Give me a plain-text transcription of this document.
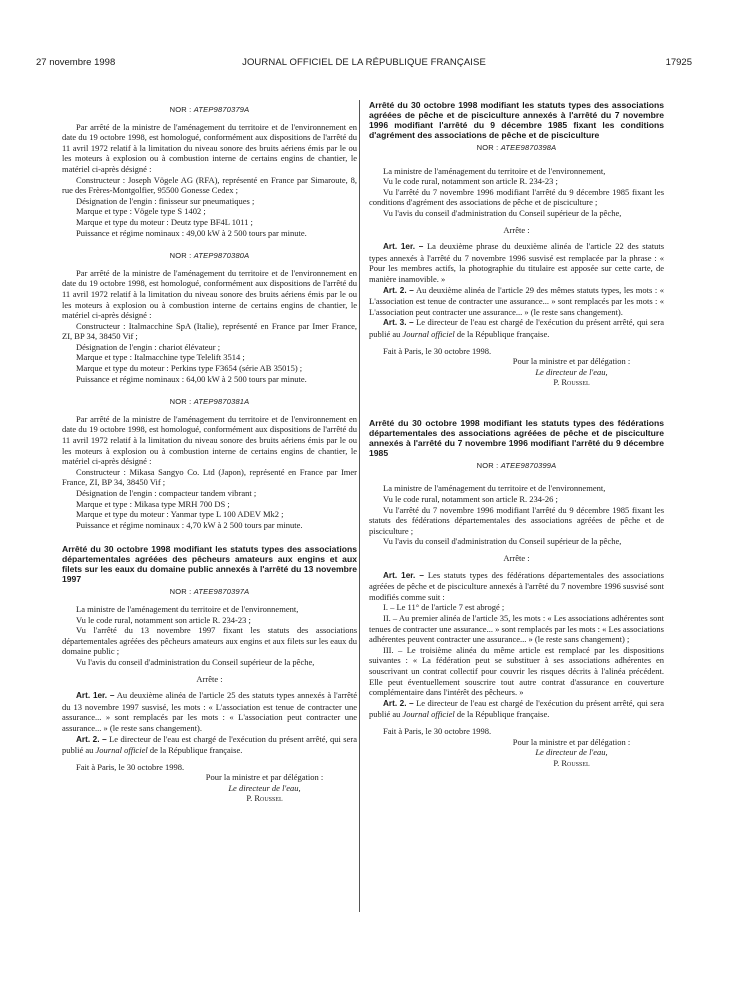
27 novembre 1998	JOURNAL OFFICIEL DE LA RÉPUBLIQUE FRANÇAISE	17925
NOR : ATEP9870379A

Par arrêté de la ministre de l'aménagement du territoire et de l'environnement en date du 19 octobre 1998, est homologué, conformément aux dispositions de l'arrêté du 11 avril 1972 relatif à la limitation du niveau sonore des bruits aériens émis par le ou les moteurs à explosion ou à combustion interne de certains engins de chantier, le matériel ci-après désigné :

Constructeur : Joseph Vögele AG (RFA), représenté en France par Simaroute, 8, rue des Frères-Montgolfier, 95500 Gonesse Cedex ;

Désignation de l'engin : finisseur sur pneumatiques ;

Marque et type : Vögele type S 1402 ;

Marque et type du moteur : Deutz type BF4L 1011 ;

Puissance et régime nominaux : 49,00 kW à 2 500 tours par minute.

NOR : ATEP9870380A

Par arrêté de la ministre de l'aménagement du territoire et de l'environnement en date du 19 octobre 1998, est homologué, conformément aux dispositions de l'arrêté du 11 avril 1972 relatif à la limitation du niveau sonore des bruits aériens émis par le ou les moteurs à explosion ou à combustion interne de certains engins de chantier, le matériel ci-après désigné :

Constructeur : Italmacchine SpA (Italie), représenté en France par Imer France, ZI, BP 34, 38450 Vif ;

Désignation de l'engin : chariot élévateur ;

Marque et type : Italmacchine type Telelift 3514 ;

Marque et type du moteur : Perkins type F3654 (série AB 35015) ;

Puissance et régime nominaux : 64,00 kW à 2 500 tours par minute.

NOR : ATEP9870381A

Par arrêté de la ministre de l'aménagement du territoire et de l'environnement en date du 19 octobre 1998, est homologué, conformément aux dispositions de l'arrêté du 11 avril 1972 relatif à la limitation du niveau sonore des bruits aériens émis par le ou les moteurs à explosion ou à combustion interne de certains engins de chantier, le matériel ci-après désigné :

Constructeur : Mikasa Sangyo Co. Ltd (Japon), représenté en France par Imer France, ZI, BP 34, 38450 Vif ;

Désignation de l'engin : compacteur tandem vibrant ;

Marque et type : Mikasa type MRH 700 DS ;

Marque et type du moteur : Yanmar type L 100 ADEV Mk2 ;

Puissance et régime nominaux : 4,70 kW à 2 500 tours par minute.

Arrêté du 30 octobre 1998 modifiant les statuts types des associations départementales agréées des pêcheurs amateurs aux engins et aux filets sur les eaux du domaine public annexés à l'arrêté du 13 novembre 1997
NOR : ATEE9870397A

La ministre de l'aménagement du territoire et de l'environnement,

Vu le code rural, notamment son article R. 234-23 ;

Vu l'arrêté du 13 novembre 1997 fixant les statuts des associations départementales agréées des pêcheurs amateurs aux engins et aux filets sur les eaux du domaine public ;

Vu l'avis du conseil d'administration du Conseil supérieur de la pêche,

Arrête :

Art. 1er. – Au deuxième alinéa de l'article 25 des statuts types annexés à l'arrêté du 13 novembre 1997 susvisé, les mots : « L'association est tenue de contracter une assurance... » sont remplacés par les mots : « L'association peut contracter une assurance... » (le reste sans changement).

Art. 2. – Le directeur de l'eau est chargé de l'exécution du présent arrêté, qui sera publié au Journal officiel de la République française.

Fait à Paris, le 30 octobre 1998.

Pour la ministre et par délégation :

Le directeur de l'eau,

P. Roussel

Arrêté du 30 octobre 1998 modifiant les statuts types des associations agréées de pêche et de pisciculture annexés à l'arrêté du 7 novembre 1996 modifiant l'arrêté du 9 décembre 1985 fixant les conditions d'agrément des associations de pêche et de pisciculture
NOR : ATEE9870398A

La ministre de l'aménagement du territoire et de l'environnement,

Vu le code rural, notamment son article R. 234-23 ;

Vu l'arrêté du 7 novembre 1996 modifiant l'arrêté du 9 décembre 1985 fixant les conditions d'agrément des associations de pêche et de pisciculture ;

Vu l'avis du conseil d'administration du Conseil supérieur de la pêche,

Arrête :

Art. 1er. – La deuxième phrase du deuxième alinéa de l'article 22 des statuts types annexés à l'arrêté du 7 novembre 1996 susvisé est remplacée par la phrase : « Pour les membres actifs, la photographie du titulaire est apposée sur cette carte, de manière inamovible. »

Art. 2. – Au deuxième alinéa de l'article 29 des mêmes statuts types, les mots : « L'association est tenue de contracter une assurance... » sont remplacés par les mots : « L'association peut contracter une assurance... » (le reste sans changement).

Art. 3. – Le directeur de l'eau est chargé de l'exécution du présent arrêté, qui sera publié au Journal officiel de la République française.

Fait à Paris, le 30 octobre 1998.

Pour la ministre et par délégation :

Le directeur de l'eau,

P. Roussel

Arrêté du 30 octobre 1998 modifiant les statuts types des fédérations départementales des associations agréées de pêche et de pisciculture annexés à l'arrêté du 7 novembre 1996 modifiant l'arrêté du 9 décembre 1985
NOR : ATEE9870399A

La ministre de l'aménagement du territoire et de l'environnement,

Vu le code rural, notamment son article R. 234-26 ;

Vu l'arrêté du 7 novembre 1996 modifiant l'arrêté du 9 décembre 1985 fixant les statuts des fédérations départementales des associations agréées de pêche et de pisciculture ;

Vu l'avis du conseil d'administration du Conseil supérieur de la pêche,

Arrête :

Art. 1er. – Les statuts types des fédérations départementales des associations agréées de pêche et de pisciculture annexés à l'arrêté du 7 novembre 1996 susvisé sont modifiés comme suit :

I. – Le 11° de l'article 7 est abrogé ;

II. – Au premier alinéa de l'article 35, les mots : « Les associations adhérentes sont tenues de contracter une assurance... » sont remplacés par les mots : « Les associations adhérentes peuvent contracter une assurance... » (le reste sans changement) ;

III. – Le troisième alinéa du même article est remplacé par les dispositions suivantes : « La fédération peut se substituer à ses associations adhérentes en souscrivant un contrat collectif pour couvrir les risques décrits à l'alinéa précédent. Elle peut éventuellement souscrire tout autre contrat d'assurance en couverture complémentaire dans l'intérêt des pêcheurs. »

Art. 2. – Le directeur de l'eau est chargé de l'exécution du présent arrêté, qui sera publié au Journal officiel de la République française.

Fait à Paris, le 30 octobre 1998.

Pour la ministre et par délégation :

Le directeur de l'eau,

P. Roussel
